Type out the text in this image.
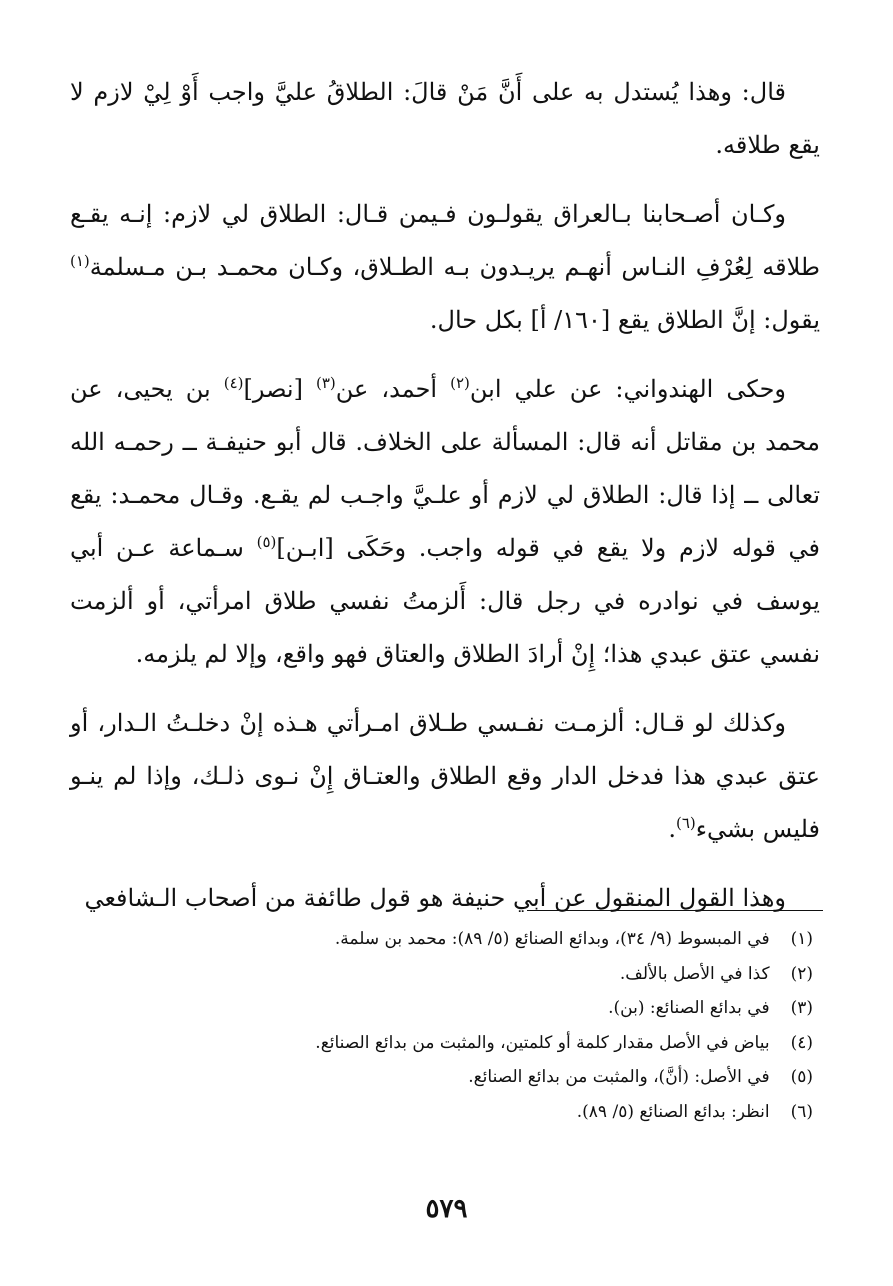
قال: وهذا يُستدل به على أَنَّ مَنْ قالَ: الطلاقُ عليَّ واجب أَوْ لِيْ لازم لا يقع طلاقه.

وكـان أصـحابنا بـالعراق يقولـون فـيمن قـال: الطلاق لي لازم: إنـه يقـع طلاقه لِعُرْفِ النـاس أنهـم يريـدون بـه الطـلاق، وكـان محمـد بـن مـسلمة$^{(١)}$ يقول: إنَّ الطلاق يقع [١٦٠/ أ] بكل حال.

وحكى الهندواني: عن علي ابن$^{(٢)}$ أحمد، عن$^{(٣)}$ [نصر]$^{(٤)}$ بن يحيى، عن محمد بن مقاتل أنه قال: المسألة على الخلاف. قال أبو حنيفـة ــ رحمـه الله تعالى ــ إذا قال: الطلاق لي لازم أو علـيَّ واجـب لم يقـع. وقـال محمـد: يقع في قوله لازم ولا يقع في قوله واجب. وحَكَى [ابـن]$^{(٥)}$ سـماعة عـن أبي يوسف في نوادره في رجل قال: أَلزمتُ نفسي طلاق امرأتي، أو ألزمت نفسي عتق عبدي هذا؛ إِنْ أرادَ الطلاق والعتاق فهو واقع، وإلا لم يلزمه.

وكذلك لو قـال: ألزمـت نفـسي طـلاق امـرأتي هـذه إنْ دخلـتُ الـدار، أو عتق عبدي هذا فدخل الدار وقع الطلاق والعتـاق إِنْ نـوى ذلـك، وإذا لم ينـو فليس بشيء$^{(٦)}$.

وهذا القول المنقول عن أبي حنيفة هو قول طائفة من أصحاب الـشافعي

(١) في المبسوط (٩/ ٣٤)، وبدائع الصنائع (٥/ ٨٩): محمد بن سلمة.
(٢) كذا في الأصل بالألف.
(٣) في بدائع الصنائع: (بن).
(٤) بياض في الأصل مقدار كلمة أو كلمتين، والمثبت من بدائع الصنائع.
(٥) في الأصل: (أنَّ)، والمثبت من بدائع الصنائع.
(٦) انظر: بدائع الصنائع (٥/ ٨٩).
٥٧٩
